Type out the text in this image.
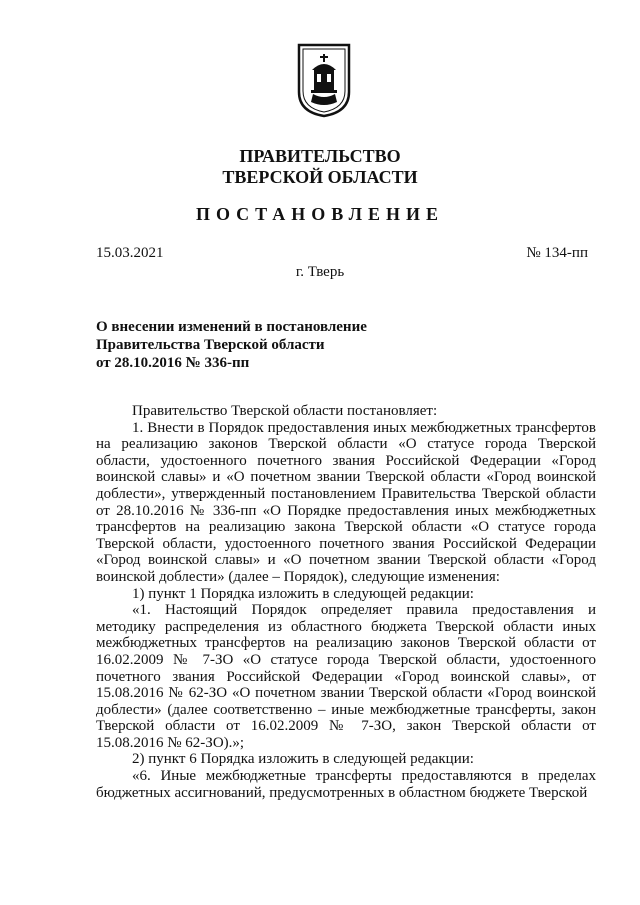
ПРАВИТЕЛЬСТВО
ТВЕРСКОЙ ОБЛАСТИ
ПОСТАНОВЛЕНИЕ
15.03.2021	№ 134-пп
г. Тверь
О внесении изменений в постановление
Правительства Тверской области
от 28.10.2016 № 336-пп

Правительство Тверской области постановляет:

1. Внести в Порядок предоставления иных межбюджетных трансфертов на реализацию законов Тверской области «О статусе города Тверской области, удостоенного почетного звания Российской Федерации «Город воинской славы» и «О почетном звании Тверской области «Город воинской доблести», утвержденный постановлением Правительства Тверской области от 28.10.2016 № 336-пп «О Порядке предоставления иных межбюджетных трансфертов на реализацию закона Тверской области «О статусе города Тверской области, удостоенного почетного звания Российской Федерации «Город воинской славы» и «О почетном звании Тверской области «Город воинской доблести» (далее – Порядок), следующие изменения:

1) пункт 1 Порядка изложить в следующей редакции:

«1. Настоящий Порядок определяет правила предоставления и методику распределения из областного бюджета Тверской области иных межбюджетных трансфертов на реализацию законов Тверской области от 16.02.2009 № 7-ЗО «О статусе города Тверской области, удостоенного почетного звания Российской Федерации «Город воинской славы», от 15.08.2016 № 62-ЗО «О почетном звании Тверской области «Город воинской доблести» (далее соответственно – иные межбюджетные трансферты, закон Тверской области от 16.02.2009 № 7-ЗО, закон Тверской области от 15.08.2016 № 62-ЗО).»;

2) пункт 6 Порядка изложить в следующей редакции:

«6. Иные межбюджетные трансферты предоставляются в пределах бюджетных ассигнований, предусмотренных в областном бюджете Тверской
